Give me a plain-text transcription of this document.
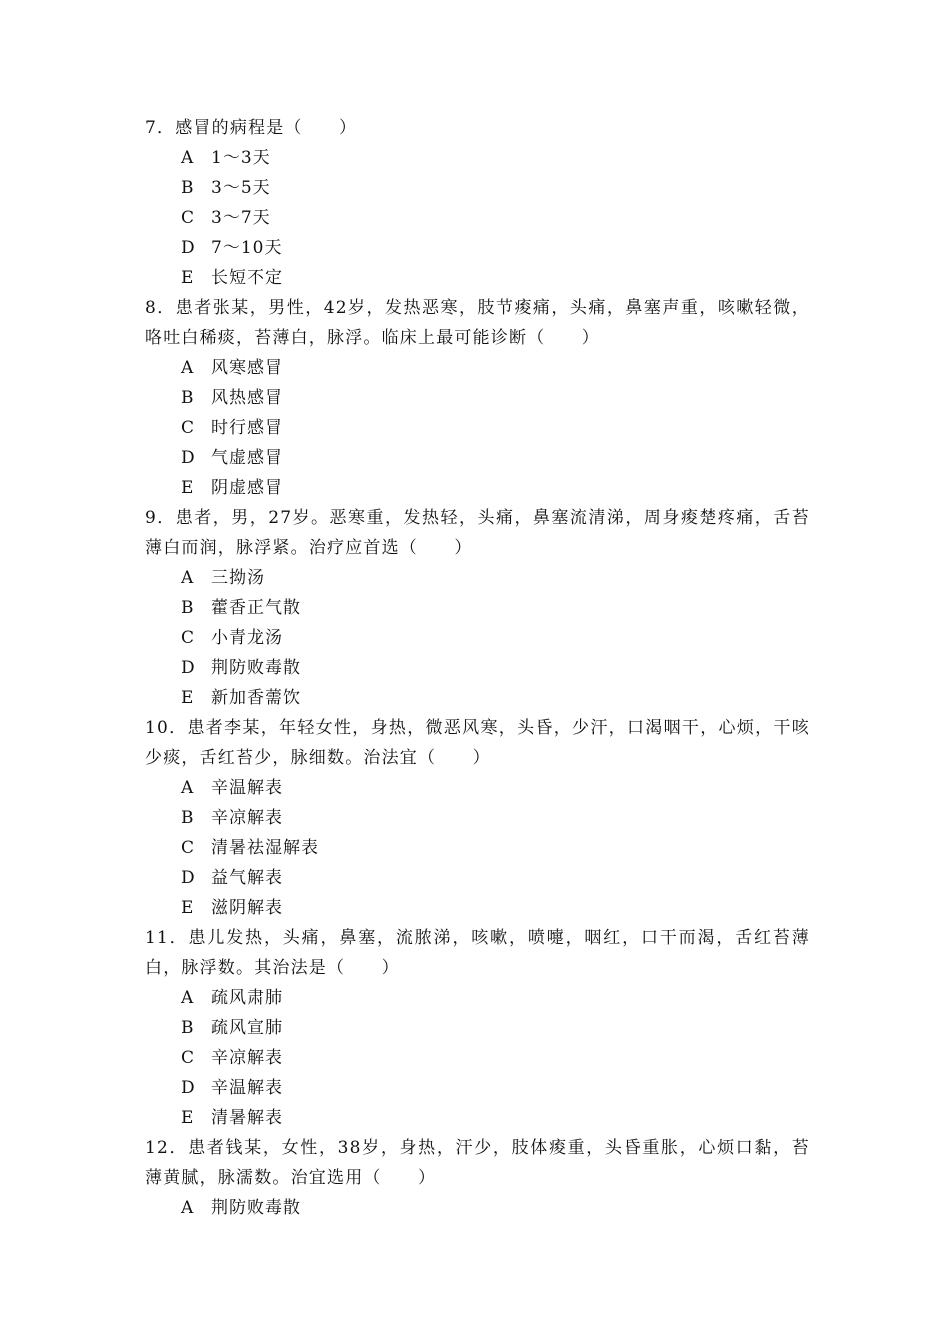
7．感冒的病程是（　　）

A	1～3天
B	3～5天
C 3～7天
D 7～10天
E	长短不定

8．患者张某，男性，42岁，发热恶寒，肢节痠痛，头痛，鼻塞声重，咳嗽轻微，咯吐白稀痰，苔薄白，脉浮。临床上最可能诊断（　　）

A	风寒感冒
B	风热感冒
C 时行感冒
D 气虚感冒
E	阴虚感冒

9．患者，男，27岁。恶寒重，发热轻，头痛，鼻塞流清涕，周身痠楚疼痛，舌苔薄白而润，脉浮紧。治疗应首选（　　）

A	三拗汤
B	藿香正气散
C 小青龙汤
D 荆防败毒散
E	新加香薷饮

10．患者李某，年轻女性，身热，微恶风寒，头昏，少汗，口渴咽干，心烦，干咳少痰，舌红苔少，脉细数。治法宜（　　）

A	辛温解表
B	辛凉解表
C 清暑祛湿解表
D 益气解表
E	滋阴解表

11．患儿发热，头痛，鼻塞，流脓涕，咳嗽，喷嚏，咽红，口干而渴，舌红苔薄白，脉浮数。其治法是（　　）

A	疏风肃肺
B	疏风宣肺
C 辛凉解表
D 辛温解表
E	清暑解表

12．患者钱某，女性，38岁，身热，汗少，肢体痠重，头昏重胀，心烦口黏，苔薄黄腻，脉濡数。治宜选用（　　）

A	荆防败毒散
